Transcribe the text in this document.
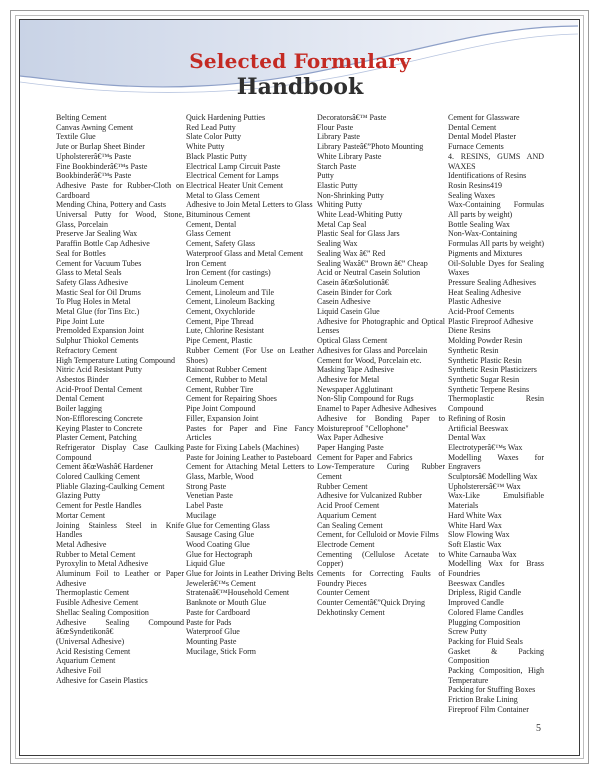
Selected Formulary
Handbook
Belting Cement
Canvas Awning Cement
Textile Glue
Jute or Burlap Sheet Binder
Upholstererâ€™s Paste
Fine Bookbinderâ€™s Paste
Bookbinderâ€™s Paste
Adhesive Paste for Rubber-Cloth on Cardboard
Mending China, Pottery and Casts
Universal Putty for Wood, Stone, Glass, Porcelain
Preserve Jar Sealing Wax
Paraffin Bottle Cap Adhesive
Seal for Bottles
Cement for Vacuum Tubes
Glass to Metal Seals
Safety Glass Adhesive
Mastic Seal for Oil Drums
To Plug Holes in Metal
Metal Glue (for Tins Etc.)
Pipe Joint Lute
Premolded Expansion Joint
Sulphur Thiokol Cements
Refractory Cement
High Temperature Luting Compound
Nitric Acid Resistant Putty
Asbestos Binder
Acid-Proof Dental Cement
Dental Cement
Boiler lagging
Non-Efflorescing Concrete
Keying Plaster to Concrete
Plaster Cement, Patching
Refrigerator Display Case Caulking Compound
Cement â€œWashâ€ Hardener
Colored Caulking Cement
Pliable Glazing-Caulking Cement
Glazing Putty
Cement for Pestle Handles
Mortar Cement
Joining Stainless Steel in Knife Handles
Metal Adhesive
Rubber to Metal Cement
Pyroxylin to Metal Adhesive
Aluminum Foil to Leather or Paper Adhesive
Thermoplastic Cement
Fusible Adhesive Cement
Shellac Sealing Composition
Adhesive Sealing Compound â€œSyndetikonâ€
(Universal Adhesive)
Acid Resisting Cement
Aquarium Cement
Adhesive Foil
Adhesive for Casein Plastics
Quick Hardening Putties
Red Lead Putty
Slate Color Putty
White Putty
Black Plastic Putty
Electrical Lamp Circuit Paste
Electrical Cement for Lamps
Electrical Heater Unit Cement
Metal to Glass Cement
Adhesive to Join Metal Letters to Glass
Bituminous Cement
Cement, Dental
Glass Cement
Cement, Safety Glass
Waterproof Glass and Metal Cement
Iron Cement
Iron Cement (for castings)
Linoleum Cement
Cement, Linoleum and Tile
Cement, Linoleum Backing
Cement, Oxychloride
Cement, Pipe Thread
Lute, Chlorine Resistant
Pipe Cement, Plastic
Rubber Cement (For Use on Leather Shoes)
Raincoat Rubber Cement
Cement, Rubber to Metal
Cement, Rubber Tire
Cement for Repairing Shoes
Pipe Joint Compound
Filler, Expansion Joint
Pastes for Paper and Fine Fancy Articles
Paste for Fixing Labels (Machines)
Paste for Joining Leather to Pasteboard
Cement for Attaching Metal Letters to Glass, Marble, Wood
Strong Paste
Venetian Paste
Label Paste
Mucilage
Glue for Cementing Glass
Sausage Casing Glue
Wood Coating Glue
Glue for Hectograph
Liquid Glue
Glue for Joints in Leather Driving Belts
Jewelerâ€™s Cement
Stratenaâ€™Household Cement
Banknote or Mouth Glue
Paste for Cardboard
Paste for Pads
Waterproof Glue
Mounting Paste
Mucilage, Stick Form
Decoratorsâ€™ Paste
Flour Paste
Library Paste
Library Pasteâ€”Photo Mounting
White Library Paste
Starch Paste
Putty
Elastic Putty
Non-Shrinking Putty
Whiting Putty
White Lead-Whiting Putty
Metal Cap Seal
Plastic Seal for Glass Jars
Sealing Wax
Sealing Wax â€” Red
Sealing Waxâ€” Brown â€” Cheap
Acid or Neutral Casein Solution
Casein â€œSolutionâ€
Casein Binder for Cork
Casein Adhesive
Liquid Casein Glue
Adhesive for Photographic and Optical Lenses
Optical Glass Cement
Adhesives for Glass and Porcelain
Cement for Wood, Porcelain etc.
Masking Tape Adhesive
Adhesive for Metal
Newspaper Agglutinant
Non-Slip Compound for Rugs
Enamel to Paper Adhesive Adhesives
Adhesive for Bonding Paper to Moistureproof "Cellophone"
Wax Paper Adhesive
Paper Hanging Paste
Cement for Paper and Fabrics
Low-Temperature Curing Rubber Cement
Rubber Cement
Adhesive for Vulcanized Rubber
Acid Proof Cement
Aquarium Cement
Can Sealing Cement
Cement, for Celluloid or Movie Films
Electrode Cement
Cementing (Cellulose Acetate to Copper)
Cements for Correcting Faults of Foundry Pieces
Counter Cement
Counter Cementâ€”Quick Drying
Dekhotinsky Cement
Cement for Glassware
Dental Cement
Dental Model Plaster
Furnace Cements
4. RESINS, GUMS AND WAXES
Identifications of Resins
Rosin Resins419
Sealing Waxes
Wax-Containing Formulas All parts by weight)
Bottle Sealing Wax
Non-Wax-Containing Formulas All parts by weight)
Pigments and Mixtures
Oil-Soluble Dyes for Sealing Waxes
Pressure Sealing Adhesives
Heat Sealing Adhesive
Plastic Adhesive
Acid-Proof Cements
Plastic Fireproof Adhesive
Diene Resins
Molding Powder Resin
Synthetic Resin
Synthetic Plastic Resin
Synthetic Resin Plasticizers
Synthetic Sugar Resin
Synthetic Terpene Resins
Thermoplastic Resin Compound
Refining of Rosin
Artificial Beeswax
Dental Wax
Electrotyperâ€™s Wax
Modelling Waxes for Engravers
Sculptorsâ€ Modelling Wax
Upholsterersâ€™ Wax
Wax-Like Emulsifiable Materials
Hard White Wax
White Hard Wax
Slow Flowing Wax
Soft Elastic Wax
White Carnauba Wax
Modelling Wax for Brass Foundries
Beeswax Candles
Dripless, Rigid Candle
Improved Candle
Colored Flame Candles
Plugging Composition
Screw Putty
Packing for Fluid Seals
Gasket & Packing Composition
Packing Composition, High Temperature
Packing for Stuffing Boxes
Friction Brake Lining
Fireproof Film Container
5
